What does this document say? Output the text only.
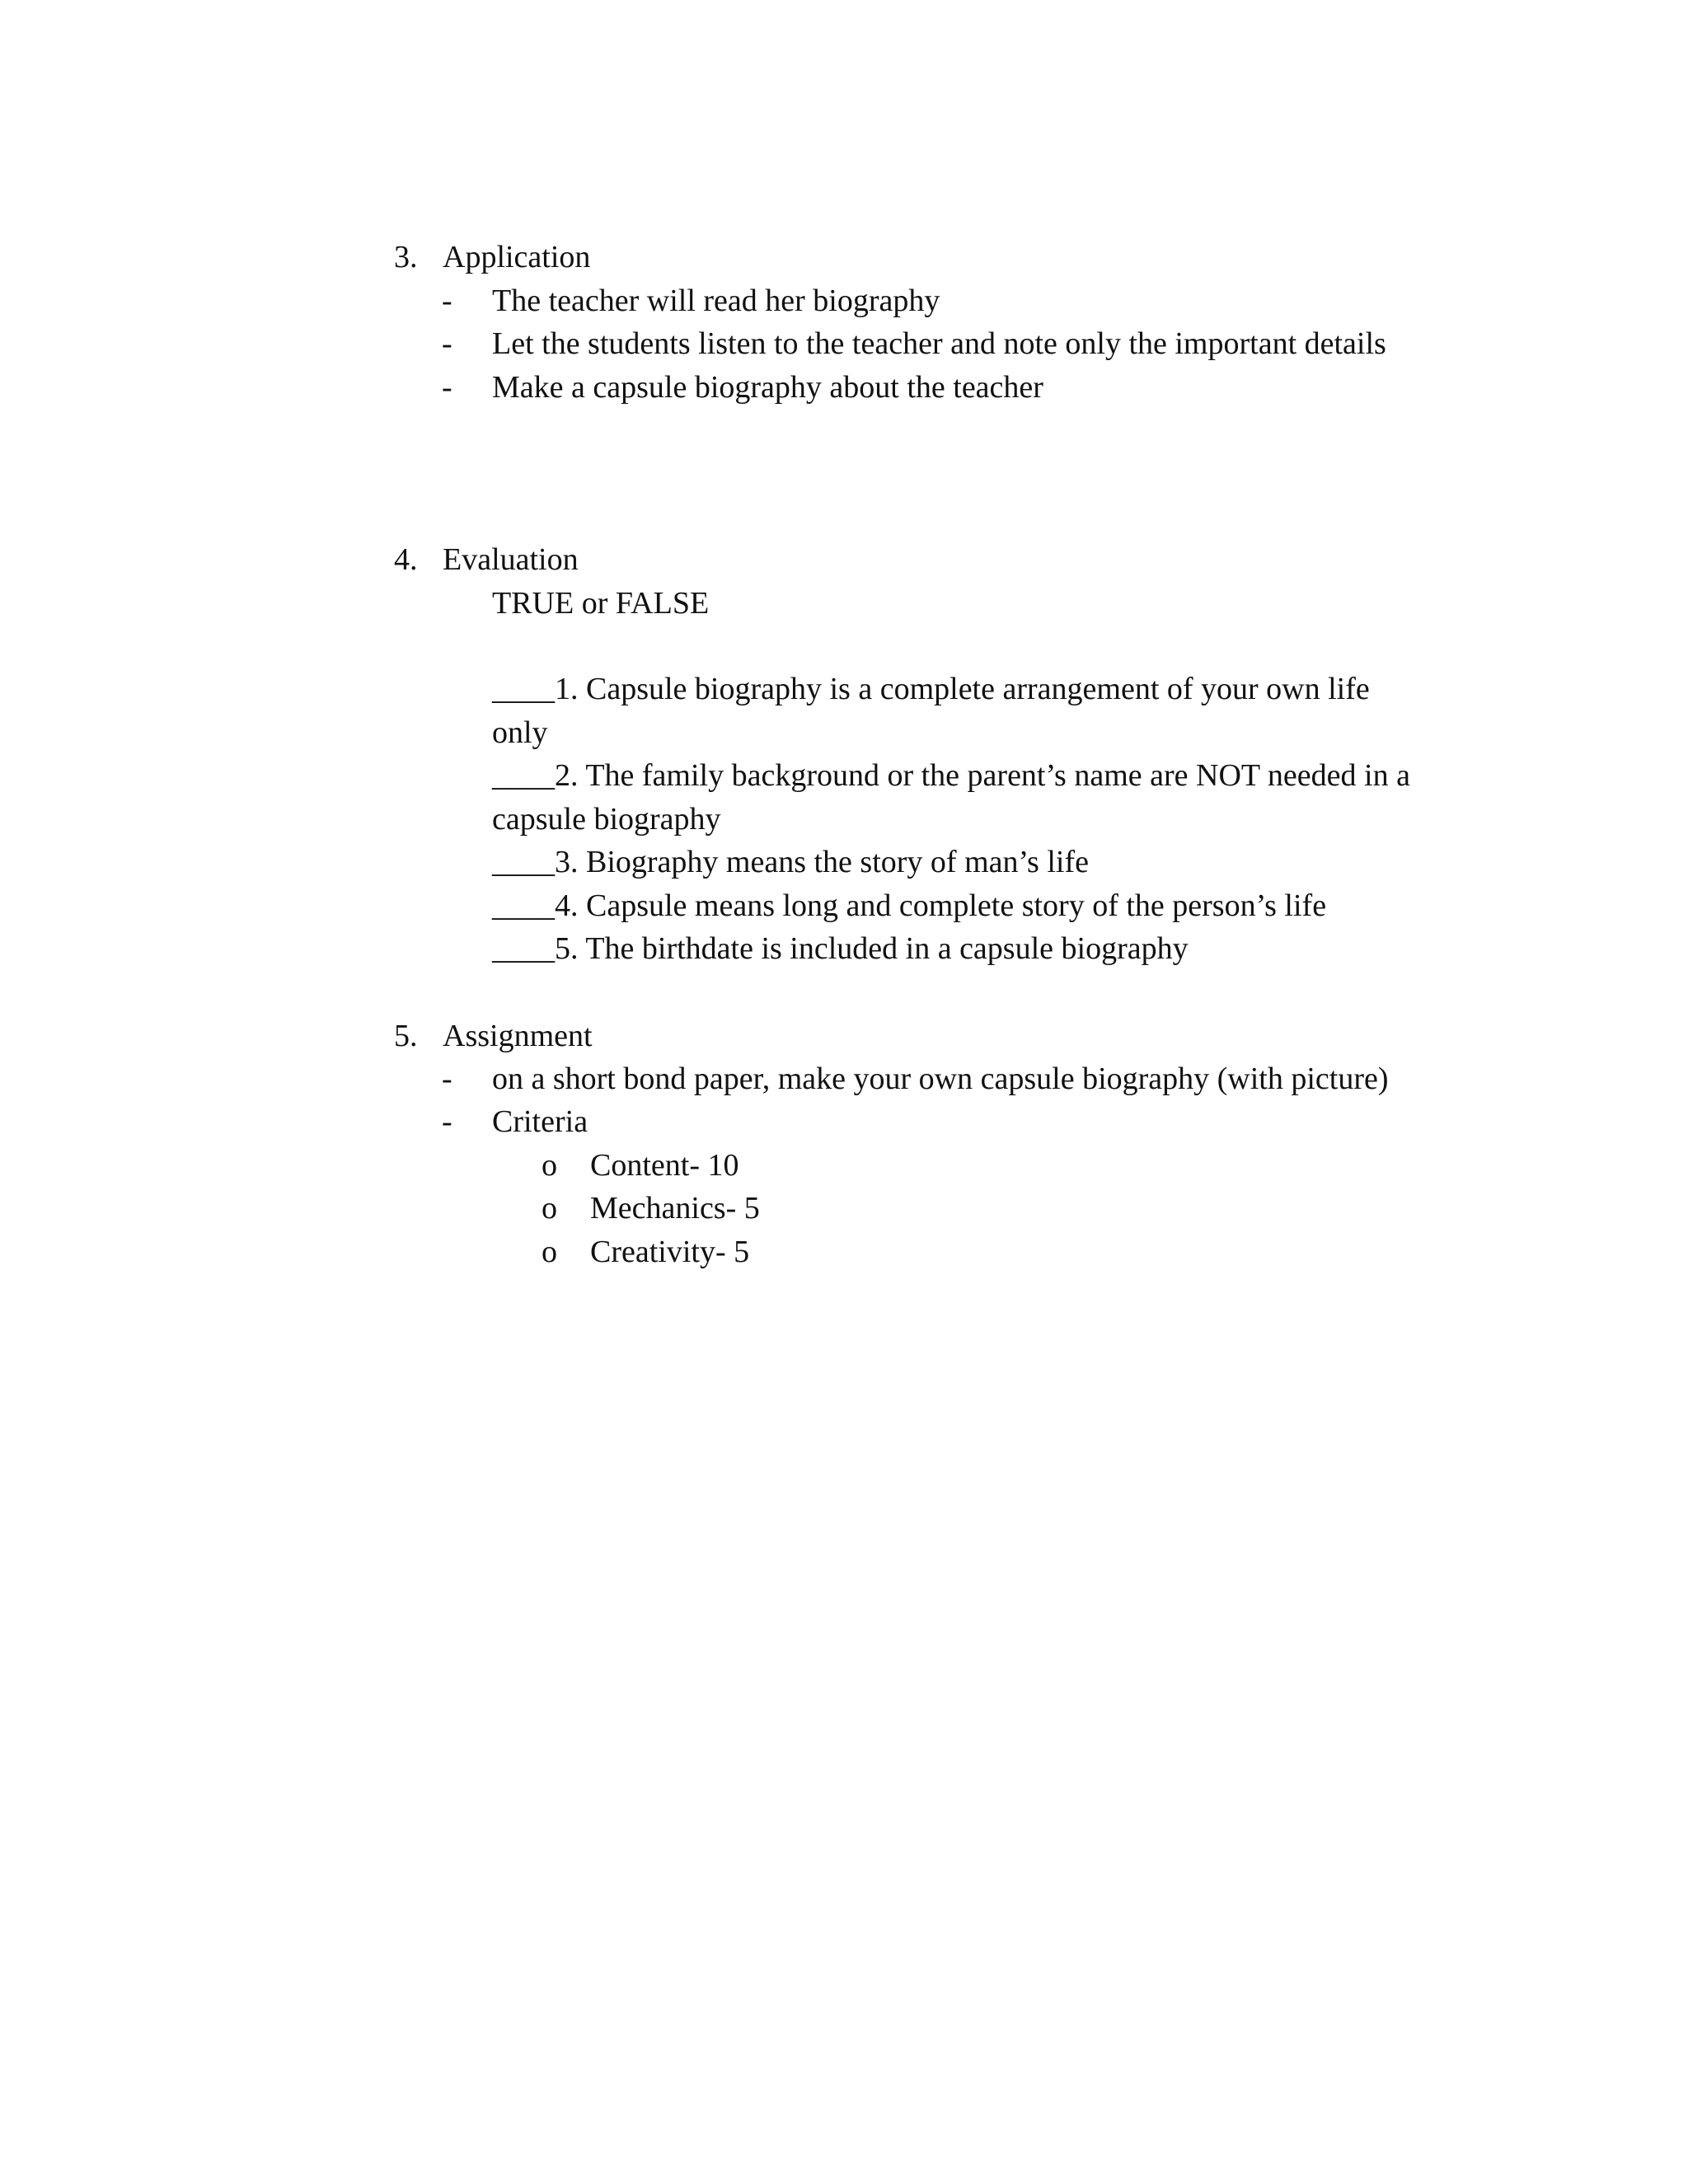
3. Application
- The teacher will read her biography
- Let the students listen to the teacher and note only the important details
- Make a capsule biography about the teacher
4. Evaluation
TRUE or FALSE
____1. Capsule biography is a complete arrangement of your own life
only
____2. The family background or the parent’s name are NOT needed in a
capsule biography
____3. Biography means the story of man’s life
____4. Capsule means long and complete story of the person’s life
____5. The birthdate is included in a capsule biography
5. Assignment
- on a short bond paper, make your own capsule biography (with picture)
- Criteria
o Content- 10
o Mechanics- 5
o Creativity- 5
